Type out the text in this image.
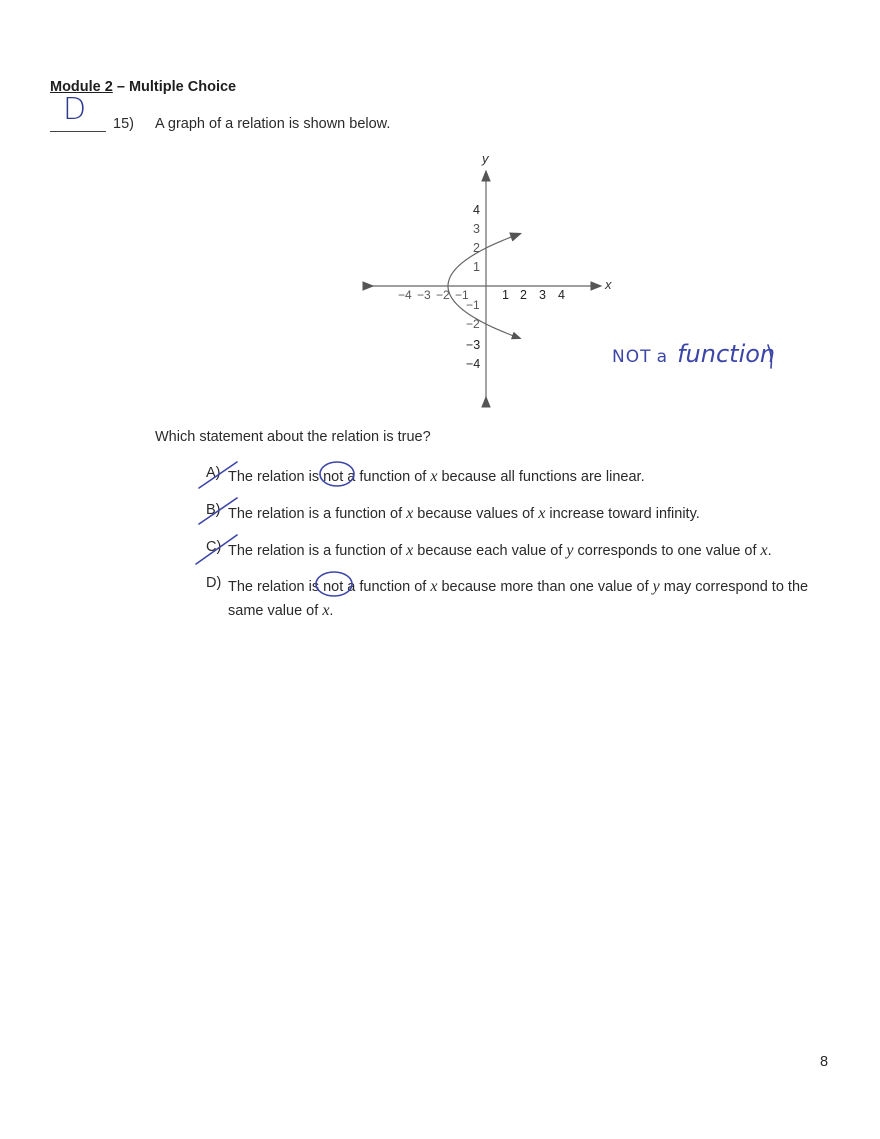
Module 2 – Multiple Choice
D 15) A graph of a relation is shown below.
x
y
−4 −3 −2 −1	1 2 3 4
4
3
2
1
−1
−2
−3
−4	NOT a function
Which statement about the relation is true?
A) The relation is not a function of x because all functions are linear.
B) The relation is a function of x because values of x increase toward infinity.
C) The relation is a function of x because each value of y corresponds to one value of x.
D) The relation is not a function of x because more than one value of y may correspond to the
same value of x.
8
